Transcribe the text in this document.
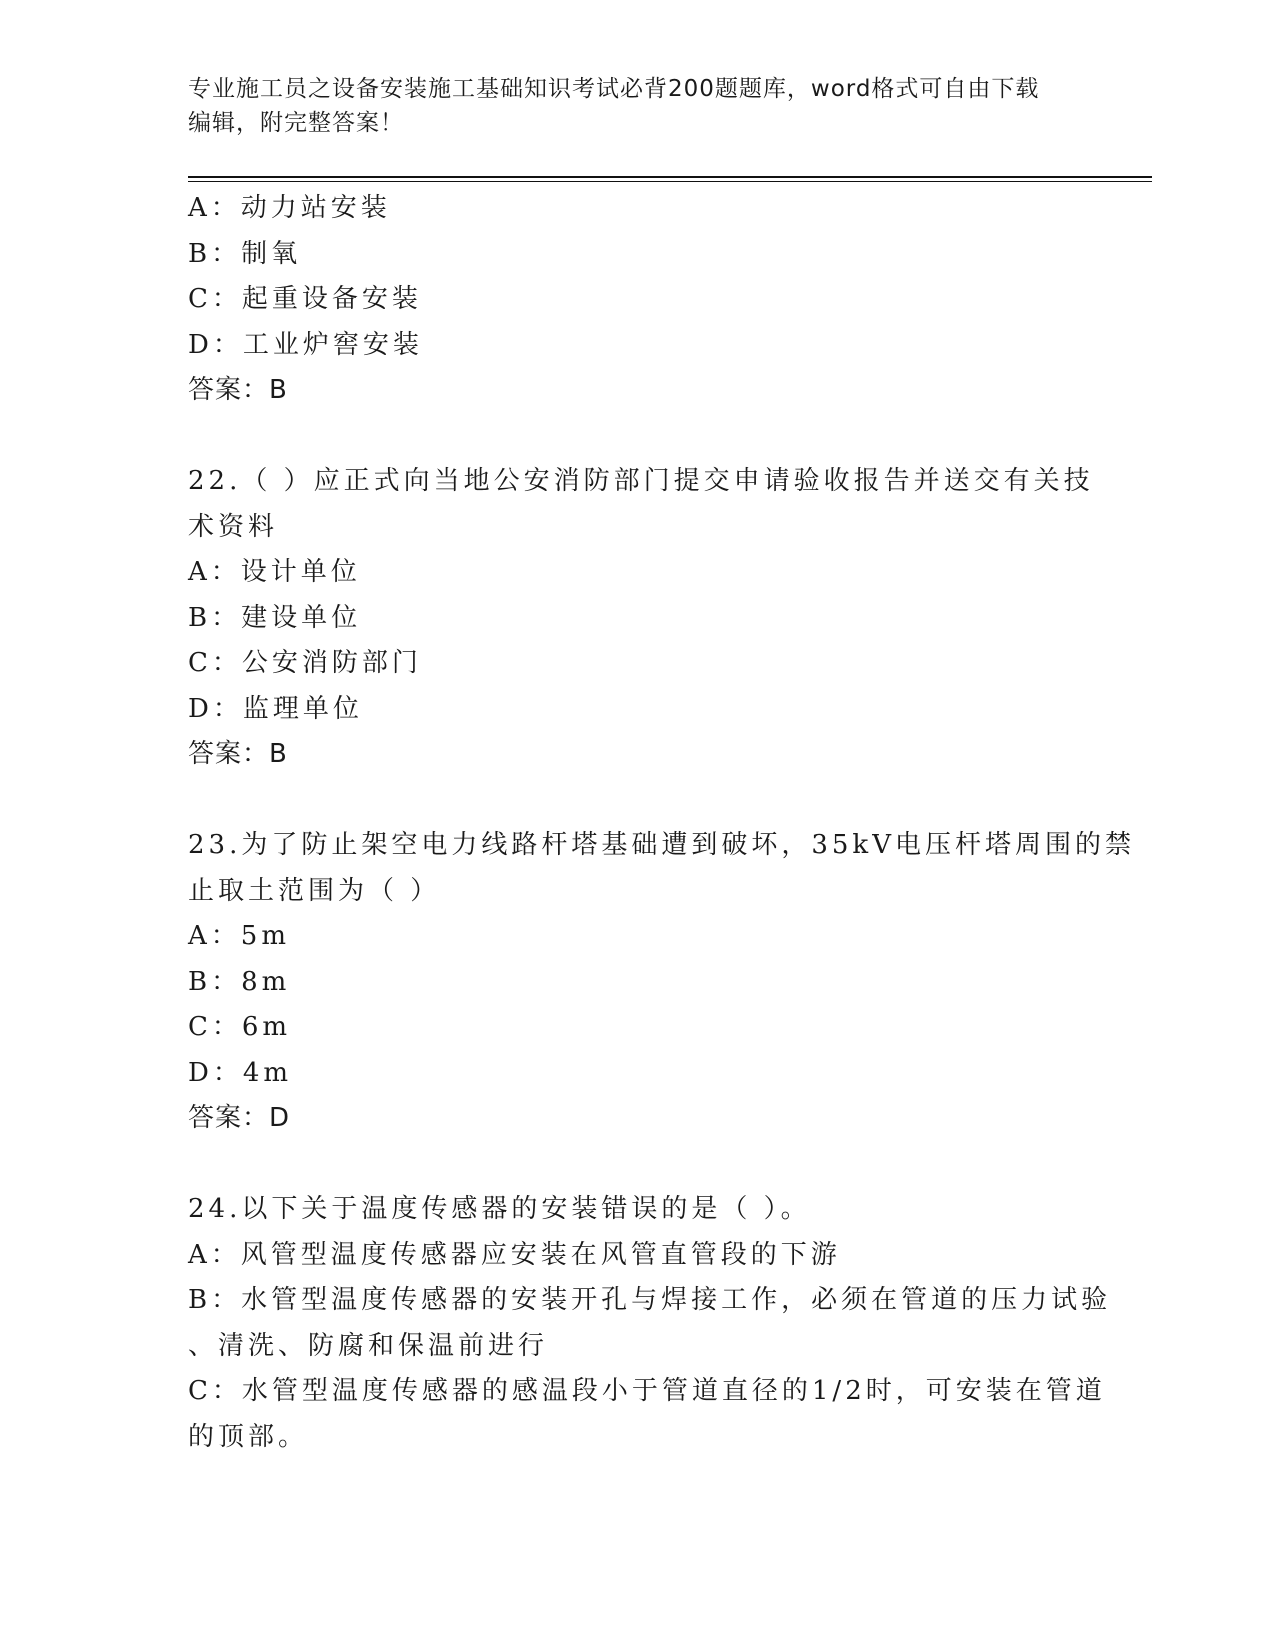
专业施工员之设备安装施工基础知识考试必背200题题库，word格式可自由下载
编辑，附完整答案！
A：动力站安装
B：制氧
C：起重设备安装
D：工业炉窖安装
答案：B
22.（ ）应正式向当地公安消防部门提交申请验收报告并送交有关技
术资料
A：设计单位
B：建设单位
C：公安消防部门
D：监理单位
答案：B
23.为了防止架空电力线路杆塔基础遭到破坏，35kV电压杆塔周围的禁
止取土范围为（ ）
A：5m
B：8m
C：6m
D：4m
答案：D
24.以下关于温度传感器的安装错误的是（ ）。
A：风管型温度传感器应安装在风管直管段的下游
B：水管型温度传感器的安装开孔与焊接工作，必须在管道的压力试验
、清洗、防腐和保温前进行
C：水管型温度传感器的感温段小于管道直径的1/2时，可安装在管道
的顶部。
